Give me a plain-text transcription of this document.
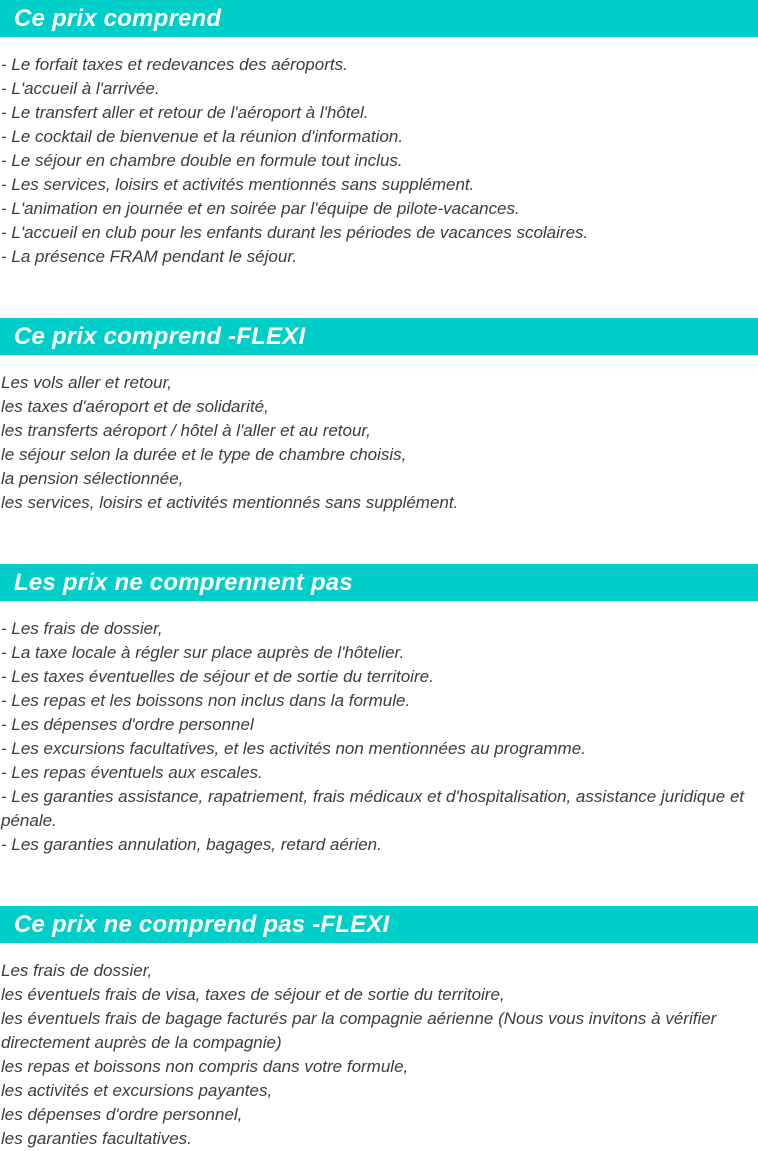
Ce prix comprend

- Le forfait taxes et redevances des aéroports.

- L'accueil à l'arrivée.

- Le transfert aller et retour de l'aéroport à l'hôtel.

- Le cocktail de bienvenue et la réunion d'information.

- Le séjour en chambre double en formule tout inclus.

- Les services, loisirs et activités mentionnés sans supplément.

- L'animation en journée et en soirée par l'équipe de pilote-vacances.

- L'accueil en club pour les enfants durant les périodes de vacances scolaires.

- La présence FRAM pendant le séjour.

Ce prix comprend -FLEXI

Les vols aller et retour,

les taxes d'aéroport et de solidarité,

les transferts aéroport / hôtel à l'aller et au retour,

le séjour selon la durée et le type de chambre choisis,

la pension sélectionnée,

les services, loisirs et activités mentionnés sans supplément.

Les prix ne comprennent pas

- Les frais de dossier,

- La taxe locale à régler sur place auprès de l'hôtelier.

- Les taxes éventuelles de séjour et de sortie du territoire.

- Les repas et les boissons non inclus dans la formule.

- Les dépenses d'ordre personnel

- Les excursions facultatives, et les activités non mentionnées au programme.

- Les repas éventuels aux escales.

- Les garanties assistance, rapatriement, frais médicaux et d'hospitalisation, assistance juridique et pénale.

- Les garanties annulation, bagages, retard aérien.

Ce prix ne comprend pas -FLEXI

Les frais de dossier,

les éventuels frais de visa, taxes de séjour et de sortie du territoire,

les éventuels frais de bagage facturés par la compagnie aérienne (Nous vous invitons à vérifier directement auprès de la compagnie)

les repas et boissons non compris dans votre formule,

les activités et excursions payantes,

les dépenses d'ordre personnel,

les garanties facultatives.
